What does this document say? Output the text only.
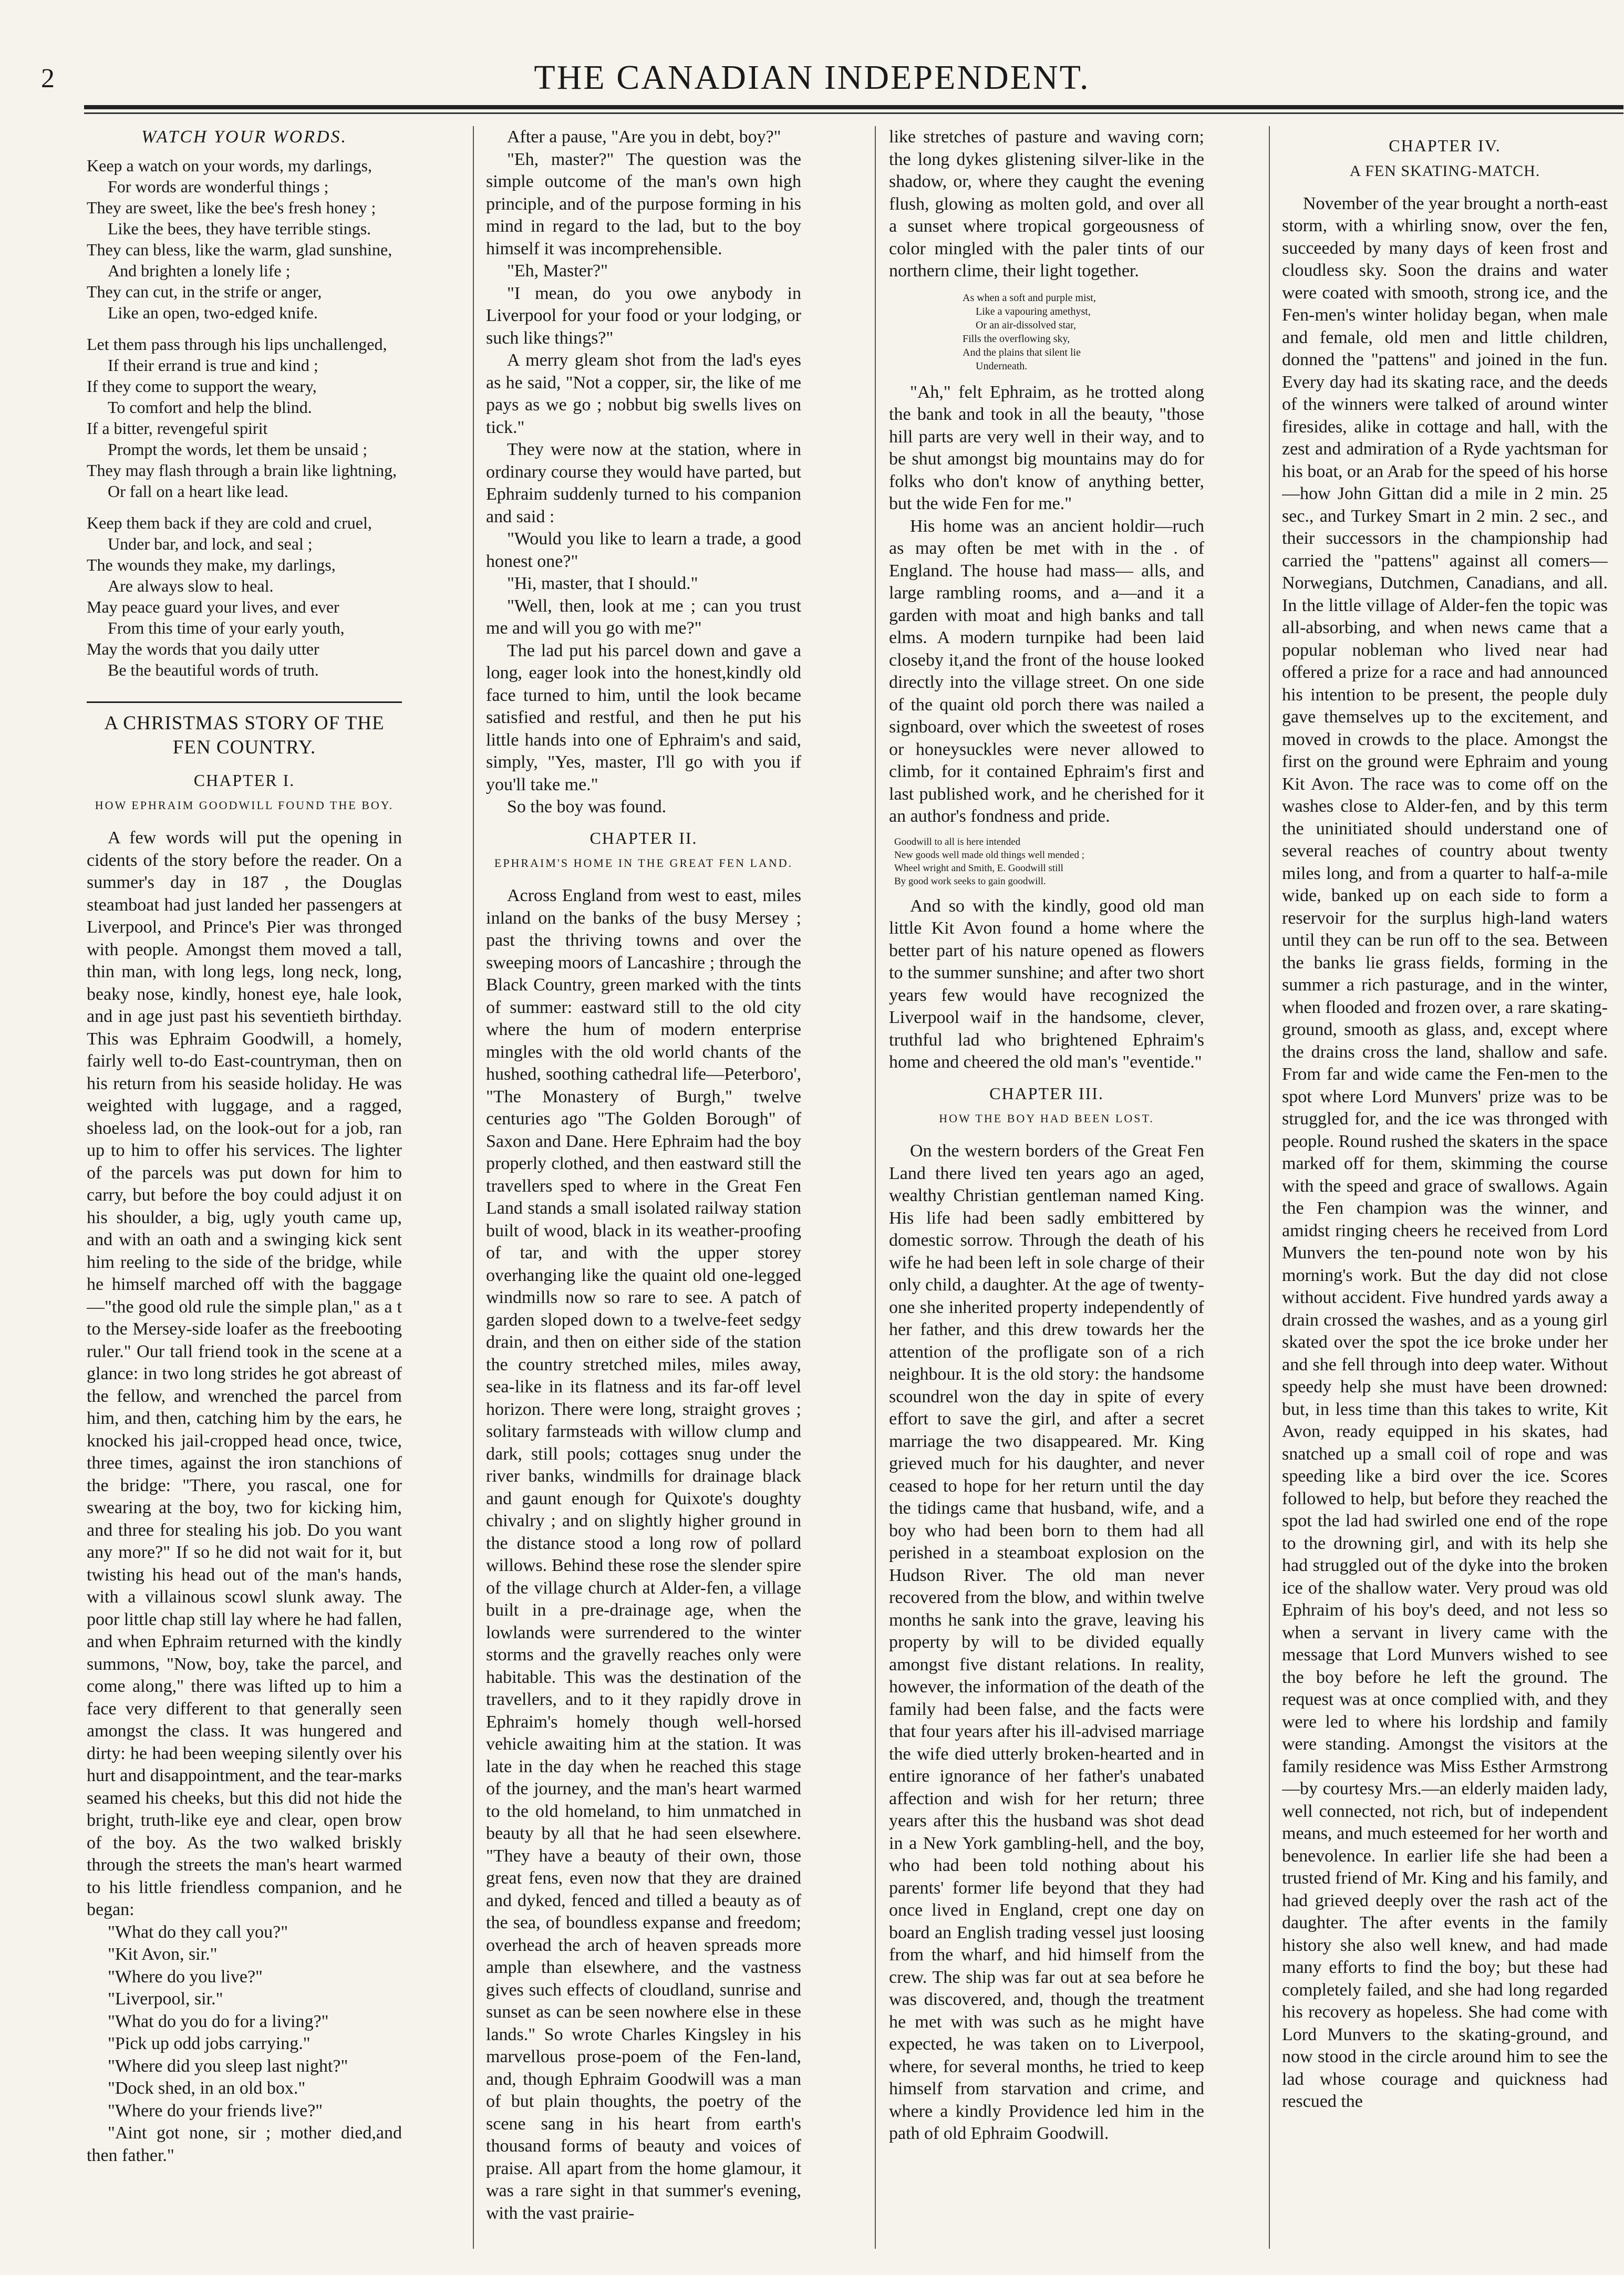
2	THE CANADIAN INDEPENDENT.
WATCH YOUR WORDS.
Keep a watch on your words, my darlings,
For words are wonderful things ;
They are sweet, like the bee's fresh honey ;
Like the bees, they have terrible stings.
They can bless, like the warm, glad sunshine,
And brighten a lonely life ;
They can cut, in the strife or anger,
Like an open, two-edged knife.
Let them pass through his lips unchallenged,
If their errand is true and kind ;
If they come to support the weary,
To comfort and help the blind.
If a bitter, revengeful spirit
Prompt the words, let them be unsaid ;
They may flash through a brain like lightning,
Or fall on a heart like lead.
Keep them back if they are cold and cruel,
Under bar, and lock, and seal ;
The wounds they make, my darlings,
Are always slow to heal.
May peace guard your lives, and ever
From this time of your early youth,
May the words that you daily utter
Be the beautiful words of truth.
A CHRISTMAS STORY OF THE FEN COUNTRY.
CHAPTER I.
HOW EPHRAIM GOODWILL FOUND THE BOY.

A few words will put the opening in cidents of the story before the reader. On a summer's day in 187 , the Douglas steamboat had just landed her passengers at Liverpool, and Prince's Pier was thronged with people. Amongst them moved a tall, thin man, with long legs, long neck, long, beaky nose, kindly, honest eye, hale look, and in age just past his seventieth birthday. This was Ephraim Goodwill, a homely, fairly well to-do East-countryman, then on his return from his seaside holiday. He was weighted with luggage, and a ragged, shoeless lad, on the look-out for a job, ran up to him to offer his services. The lighter of the parcels was put down for him to carry, but before the boy could adjust it on his shoulder, a big, ugly youth came up, and with an oath and a swinging kick sent him reeling to the side of the bridge, while he himself marched off with the baggage—"the good old rule the simple plan," as a t to the Mersey-side loafer as the freebooting ruler." Our tall friend took in the scene at a glance: in two long strides he got abreast of the fellow, and wrenched the parcel from him, and then, catching him by the ears, he knocked his jail-cropped head once, twice, three times, against the iron stanchions of the bridge: "There, you rascal, one for swearing at the boy, two for kicking him, and three for stealing his job. Do you want any more?" If so he did not wait for it, but twisting his head out of the man's hands, with a villainous scowl slunk away. The poor little chap still lay where he had fallen, and when Ephraim returned with the kindly summons, "Now, boy, take the parcel, and come along," there was lifted up to him a face very different to that generally seen amongst the class. It was hungered and dirty: he had been weeping silently over his hurt and disappointment, and the tear-marks seamed his cheeks, but this did not hide the bright, truth-like eye and clear, open brow of the boy. As the two walked briskly through the streets the man's heart warmed to his little friendless companion, and he began:

"What do they call you?"

"Kit Avon, sir."

"Where do you live?"

"Liverpool, sir."

"What do you do for a living?"

"Pick up odd jobs carrying."

"Where did you sleep last night?"

"Dock shed, in an old box."

"Where do your friends live?"

"Aint got none, sir ; mother died,and then father."

After a pause, "Are you in debt, boy?"

"Eh, master?" The question was the simple outcome of the man's own high principle, and of the purpose forming in his mind in regard to the lad, but to the boy himself it was incomprehensible.

"Eh, Master?"

"I mean, do you owe anybody in Liverpool for your food or your lodging, or such like things?"

A merry gleam shot from the lad's eyes as he said, "Not a copper, sir, the like of me pays as we go ; nobbut big swells lives on tick."

They were now at the station, where in ordinary course they would have parted, but Ephraim suddenly turned to his companion and said :

"Would you like to learn a trade, a good honest one?"

"Hi, master, that I should."

"Well, then, look at me ; can you trust me and will you go with me?"

The lad put his parcel down and gave a long, eager look into the honest,kindly old face turned to him, until the look became satisfied and restful, and then he put his little hands into one of Ephraim's and said, simply, "Yes, master, I'll go with you if you'll take me."

So the boy was found.

CHAPTER II.
EPHRAIM'S HOME IN THE GREAT FEN LAND.

Across England from west to east, miles inland on the banks of the busy Mersey ; past the thriving towns and over the sweeping moors of Lancashire ; through the Black Country, green marked with the tints of summer: eastward still to the old city where the hum of modern enterprise mingles with the old world chants of the hushed, soothing cathedral life—Peterboro', "The Monastery of Burgh," twelve centuries ago "The Golden Borough" of Saxon and Dane. Here Ephraim had the boy properly clothed, and then eastward still the travellers sped to where in the Great Fen Land stands a small isolated railway station built of wood, black in its weather-proofing of tar, and with the upper storey overhanging like the quaint old one-legged windmills now so rare to see. A patch of garden sloped down to a twelve-feet sedgy drain, and then on either side of the station the country stretched miles, miles away, sea-like in its flatness and its far-off level horizon. There were long, straight groves ; solitary farmsteads with willow clump and dark, still pools; cottages snug under the river banks, windmills for drainage black and gaunt enough for Quixote's doughty chivalry ; and on slightly higher ground in the distance stood a long row of pollard willows. Behind these rose the slender spire of the village church at Alder-fen, a village built in a pre-drainage age, when the lowlands were surrendered to the winter storms and the gravelly reaches only were habitable. This was the destination of the travellers, and to it they rapidly drove in Ephraim's homely though well-horsed vehicle awaiting him at the station. It was late in the day when he reached this stage of the journey, and the man's heart warmed to the old homeland, to him unmatched in beauty by all that he had seen elsewhere. "They have a beauty of their own, those great fens, even now that they are drained and dyked, fenced and tilled a beauty as of the sea, of boundless expanse and freedom; overhead the arch of heaven spreads more ample than elsewhere, and the vastness gives such effects of cloudland, sunrise and sunset as can be seen nowhere else in these lands." So wrote Charles Kingsley in his marvellous prose-poem of the Fen-land, and, though Ephraim Goodwill was a man of but plain thoughts, the poetry of the scene sang in his heart from earth's thousand forms of beauty and voices of praise. All apart from the home glamour, it was a rare sight in that summer's evening, with the vast prairie-

like stretches of pasture and waving corn; the long dykes glistening silver-like in the shadow, or, where they caught the evening flush, glowing as molten gold, and over all a sunset where tropical gorgeousness of color mingled with the paler tints of our northern clime, their light together.

As when a soft and purple mist,
Like a vapouring amethyst,
Or an air-dissolved star,
Fills the overflowing sky,
And the plains that silent lie
Underneath.

"Ah," felt Ephraim, as he trotted along the bank and took in all the beauty, "those hill parts are very well in their way, and to be shut amongst big mountains may do for folks who don't know of anything better, but the wide Fen for me."

His home was an ancient holdir—ruch as may often be met with in the . of England. The house had mass— alls, and large rambling rooms, and a—and it a garden with moat and high banks and tall elms. A modern turnpike had been laid closeby it,and the front of the house looked directly into the village street. On one side of the quaint old porch there was nailed a signboard, over which the sweetest of roses or honeysuckles were never allowed to climb, for it contained Ephraim's first and last published work, and he cherished for it an author's fondness and pride.

Goodwill to all is here intended
New goods well made old things well mended ;
Wheel wright and Smith, E. Goodwill still
By good work seeks to gain goodwill.

And so with the kindly, good old man little Kit Avon found a home where the better part of his nature opened as flowers to the summer sunshine; and after two short years few would have recognized the Liverpool waif in the handsome, clever, truthful lad who brightened Ephraim's home and cheered the old man's "eventide."

CHAPTER III.
HOW THE BOY HAD BEEN LOST.

On the western borders of the Great Fen Land there lived ten years ago an aged, wealthy Christian gentleman named King. His life had been sadly embittered by domestic sorrow. Through the death of his wife he had been left in sole charge of their only child, a daughter. At the age of twenty-one she inherited property independently of her father, and this drew towards her the attention of the profligate son of a rich neighbour. It is the old story: the handsome scoundrel won the day in spite of every effort to save the girl, and after a secret marriage the two disappeared. Mr. King grieved much for his daughter, and never ceased to hope for her return until the day the tidings came that husband, wife, and a boy who had been born to them had all perished in a steamboat explosion on the Hudson River. The old man never recovered from the blow, and within twelve months he sank into the grave, leaving his property by will to be divided equally amongst five distant relations. In reality, however, the information of the death of the family had been false, and the facts were that four years after his ill-advised marriage the wife died utterly broken-hearted and in entire ignorance of her father's unabated affection and wish for her return; three years after this the husband was shot dead in a New York gambling-hell, and the boy, who had been told nothing about his parents' former life beyond that they had once lived in England, crept one day on board an English trading vessel just loosing from the wharf, and hid himself from the crew. The ship was far out at sea before he was discovered, and, though the treatment he met with was such as he might have expected, he was taken on to Liverpool, where, for several months, he tried to keep himself from starvation and crime, and where a kindly Providence led him in the path of old Ephraim Goodwill.

CHAPTER IV.
A FEN SKATING-MATCH.

November of the year brought a north-east storm, with a whirling snow, over the fen, succeeded by many days of keen frost and cloudless sky. Soon the drains and water were coated with smooth, strong ice, and the Fen-men's winter holiday began, when male and female, old men and little children, donned the "pattens" and joined in the fun. Every day had its skating race, and the deeds of the winners were talked of around winter firesides, alike in cottage and hall, with the zest and admiration of a Ryde yachtsman for his boat, or an Arab for the speed of his horse—how John Gittan did a mile in 2 min. 25 sec., and Turkey Smart in 2 min. 2 sec., and their successors in the championship had carried the "pattens" against all comers—Norwegians, Dutchmen, Canadians, and all. In the little village of Alder-fen the topic was all-absorbing, and when news came that a popular nobleman who lived near had offered a prize for a race and had announced his intention to be present, the people duly gave themselves up to the excitement, and moved in crowds to the place. Amongst the first on the ground were Ephraim and young Kit Avon. The race was to come off on the washes close to Alder-fen, and by this term the uninitiated should understand one of several reaches of country about twenty miles long, and from a quarter to half-a-mile wide, banked up on each side to form a reservoir for the surplus high-land waters until they can be run off to the sea. Between the banks lie grass fields, forming in the summer a rich pasturage, and in the winter, when flooded and frozen over, a rare skating-ground, smooth as glass, and, except where the drains cross the land, shallow and safe. From far and wide came the Fen-men to the spot where Lord Munvers' prize was to be struggled for, and the ice was thronged with people. Round rushed the skaters in the space marked off for them, skimming the course with the speed and grace of swallows. Again the Fen champion was the winner, and amidst ringing cheers he received from Lord Munvers the ten-pound note won by his morning's work. But the day did not close without accident. Five hundred yards away a drain crossed the washes, and as a young girl skated over the spot the ice broke under her and she fell through into deep water. Without speedy help she must have been drowned: but, in less time than this takes to write, Kit Avon, ready equipped in his skates, had snatched up a small coil of rope and was speeding like a bird over the ice. Scores followed to help, but before they reached the spot the lad had swirled one end of the rope to the drowning girl, and with its help she had struggled out of the dyke into the broken ice of the shallow water. Very proud was old Ephraim of his boy's deed, and not less so when a servant in livery came with the message that Lord Munvers wished to see the boy before he left the ground. The request was at once complied with, and they were led to where his lordship and family were standing. Amongst the visitors at the family residence was Miss Esther Armstrong—by courtesy Mrs.—an elderly maiden lady, well connected, not rich, but of independent means, and much esteemed for her worth and benevolence. In earlier life she had been a trusted friend of Mr. King and his family, and had grieved deeply over the rash act of the daughter. The after events in the family history she also well knew, and had made many efforts to find the boy; but these had completely failed, and she had long regarded his recovery as hopeless. She had come with Lord Munvers to the skating-ground, and now stood in the circle around him to see the lad whose courage and quickness had rescued the
